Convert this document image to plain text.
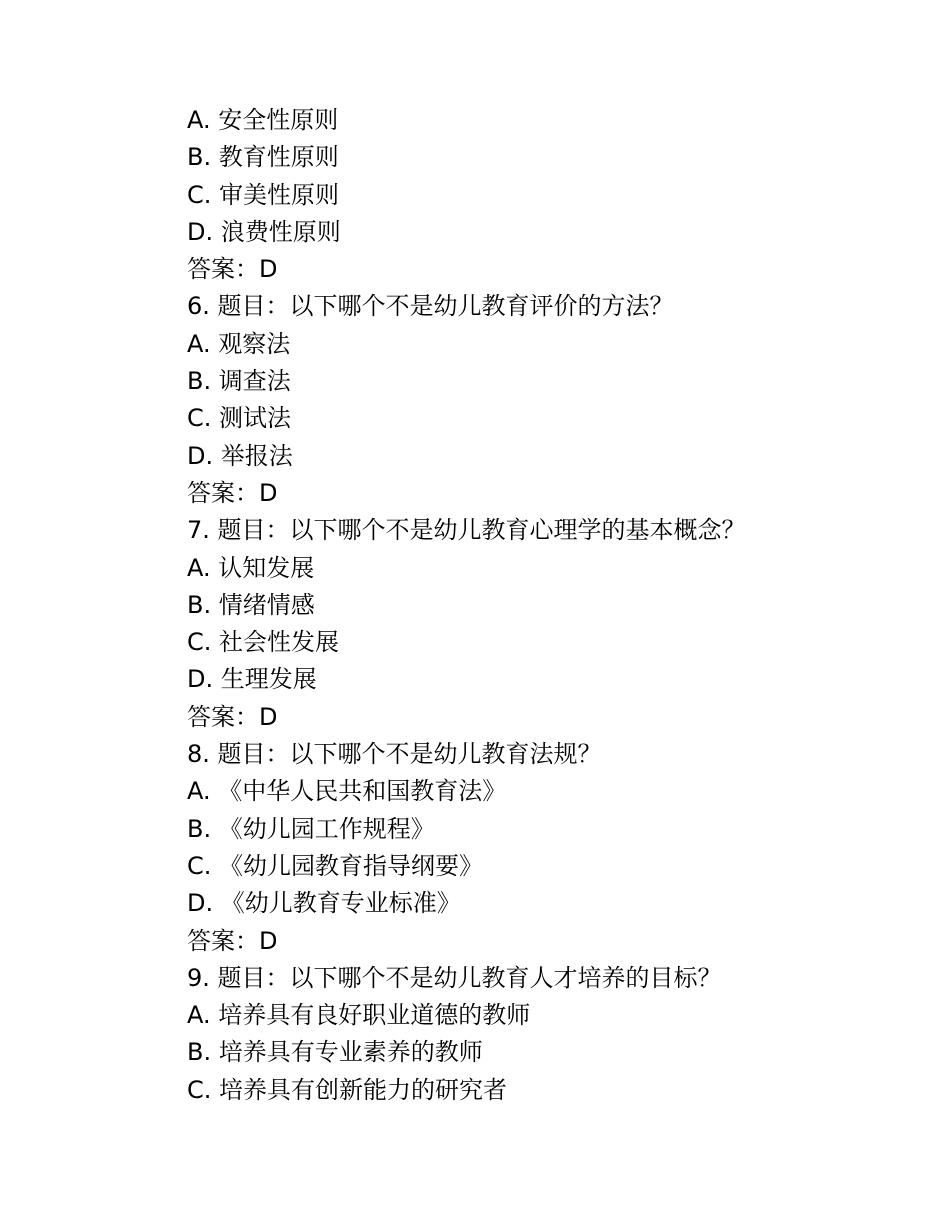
A. 安全性原则
B. 教育性原则
C. 审美性原则
D. 浪费性原则
答案：D
6. 题目：以下哪个不是幼儿教育评价的方法？
A. 观察法
B. 调查法
C. 测试法
D. 举报法
答案：D
7. 题目：以下哪个不是幼儿教育心理学的基本概念？
A. 认知发展
B. 情绪情感
C. 社会性发展
D. 生理发展
答案：D
8. 题目：以下哪个不是幼儿教育法规？
A. 《中华人民共和国教育法》
B. 《幼儿园工作规程》
C. 《幼儿园教育指导纲要》
D. 《幼儿教育专业标准》
答案：D
9. 题目：以下哪个不是幼儿教育人才培养的目标？
A. 培养具有良好职业道德的教师
B. 培养具有专业素养的教师
C. 培养具有创新能力的研究者
